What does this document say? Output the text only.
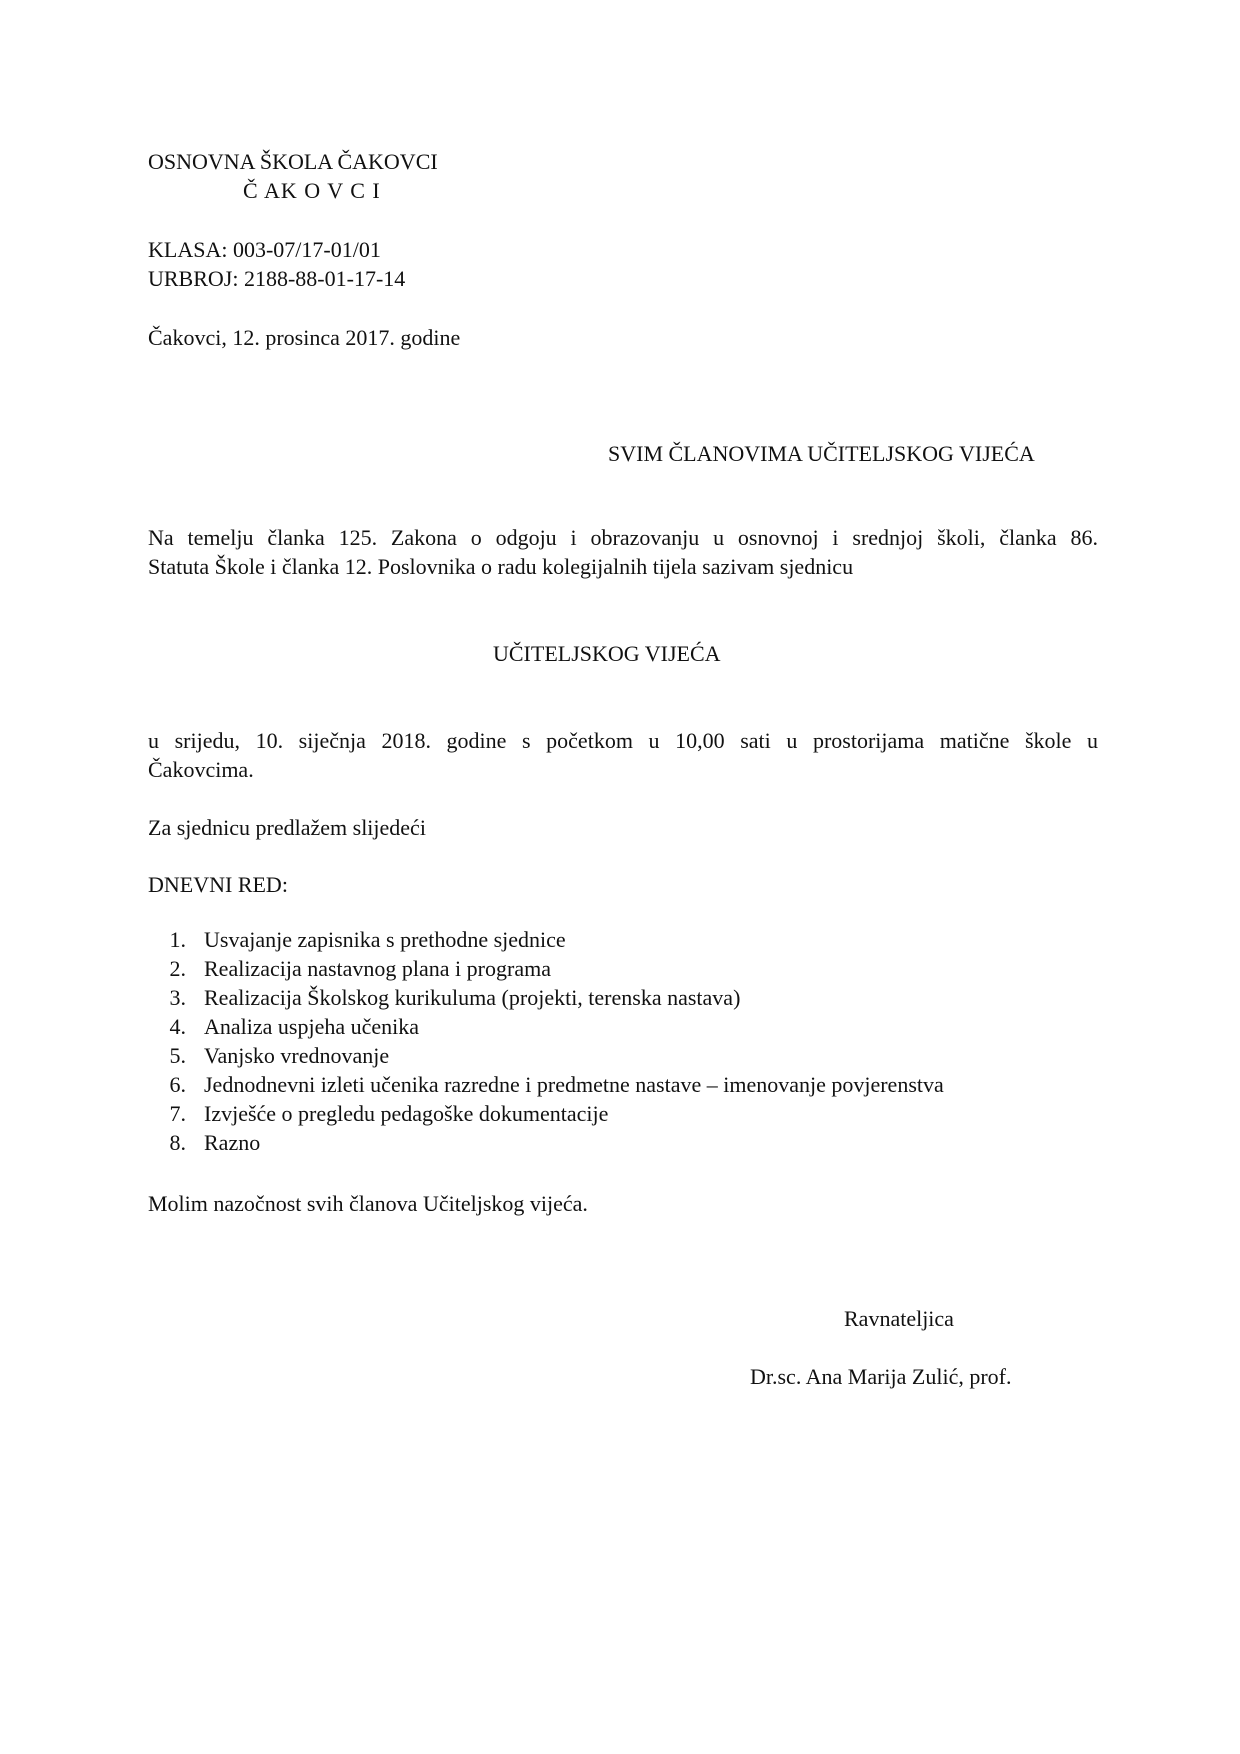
OSNOVNA ŠKOLA ČAKOVCI
Č AK O V C I
KLASA: 003-07/17-01/01
URBROJ: 2188-88-01-17-14
Čakovci, 12. prosinca 2017. godine
SVIM ČLANOVIMA UČITELJSKOG VIJEĆA
Na temelju članka 125. Zakona o odgoju i obrazovanju u osnovnoj i srednjoj školi, članka 86.
Statuta Škole i članka 12. Poslovnika o radu kolegijalnih tijela sazivam sjednicu
UČITELJSKOG VIJEĆA
u srijedu, 10. siječnja 2018. godine s početkom u 10,00 sati u prostorijama matične škole u
Čakovcima.
Za sjednicu predlažem slijedeći
DNEVNI RED:
1. Usvajanje zapisnika s prethodne sjednice
2. Realizacija nastavnog plana i programa
3. Realizacija Školskog kurikuluma (projekti, terenska nastava)
4. Analiza uspjeha učenika
5. Vanjsko vrednovanje
6. Jednodnevni izleti učenika razredne i predmetne nastave – imenovanje povjerenstva
7. Izvješće o pregledu pedagoške dokumentacije
8. Razno
Molim nazočnost svih članova Učiteljskog vijeća.
Ravnateljica
Dr.sc. Ana Marija Zulić, prof.
